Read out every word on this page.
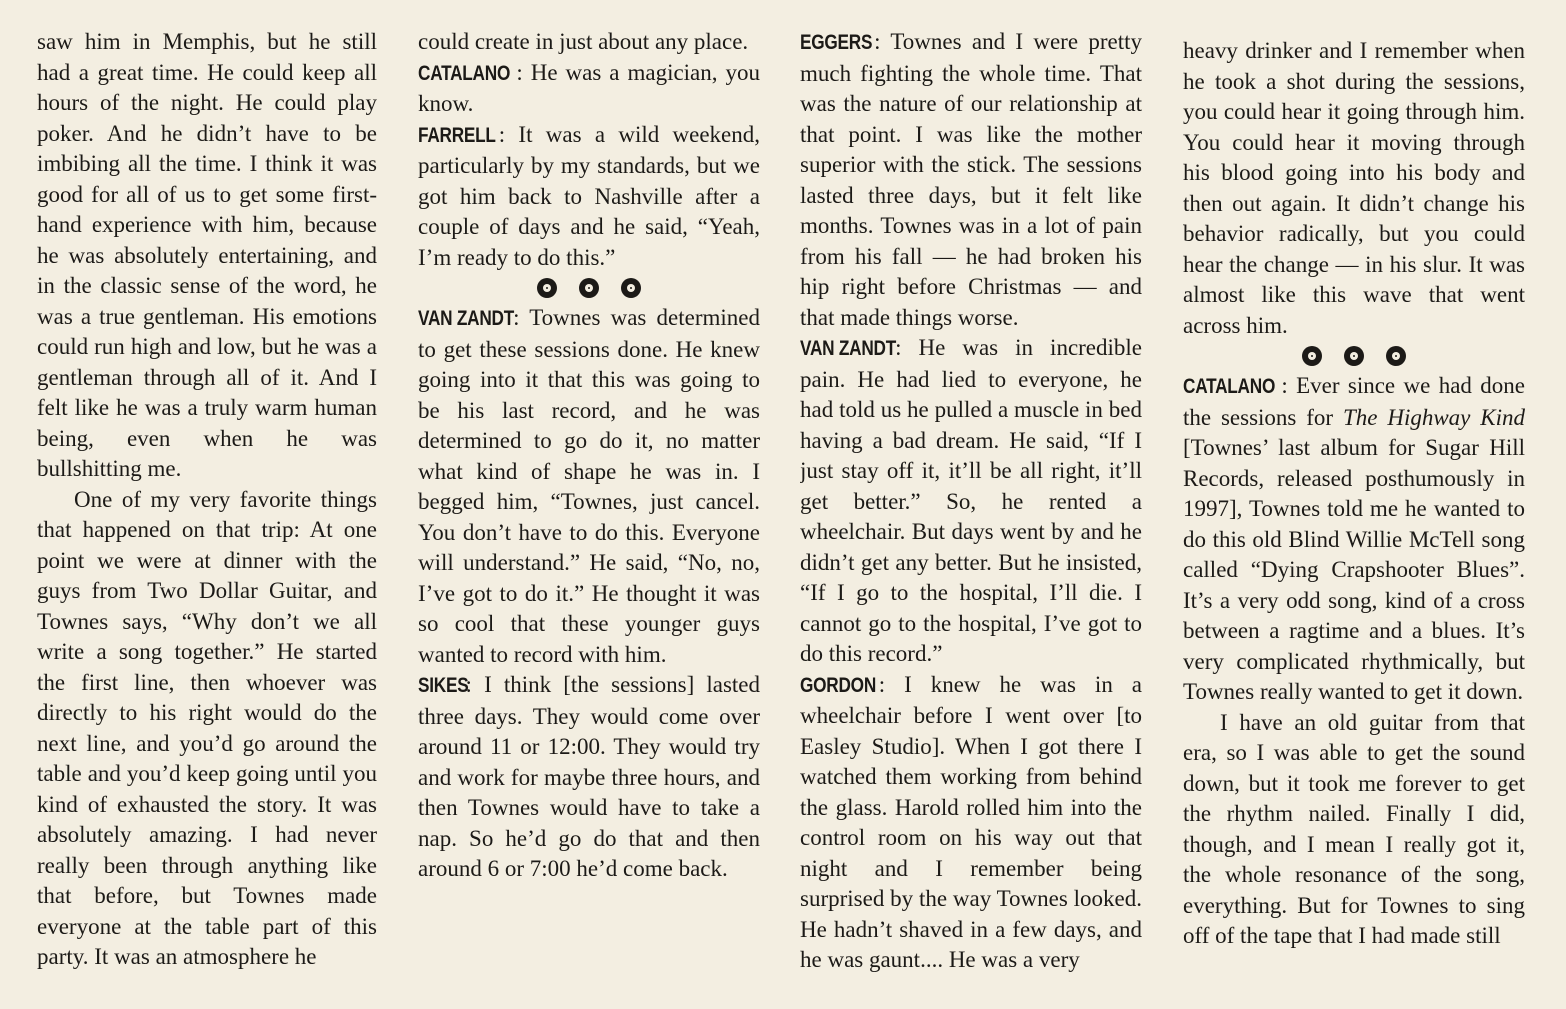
saw him in Memphis, but he still had a great time. He could keep all hours of the night. He could play poker. And he didn’t have to be imbibing all the time. I think it was good for all of us to get some first-hand experience with him, because he was absolutely entertaining, and in the classic sense of the word, he was a true gentleman. His emotions could run high and low, but he was a gentleman through all of it. And I felt like he was a truly warm human being, even when he was bullshitting me.

One of my very favorite things that happened on that trip: At one point we were at dinner with the guys from Two Dollar Guitar, and Townes says, “Why don’t we all write a song together.” He started the first line, then whoever was directly to his right would do the next line, and you’d go around the table and you’d keep going until you kind of exhausted the story. It was absolutely amazing. I had never really been through anything like that before, but Townes made everyone at the table part of this party. It was an atmosphere he

could create in just about any place.

CATALANO : He was a magician, you know.

FARRELL : It was a wild weekend, particularly by my standards, but we got him back to Nashville after a couple of days and he said, “Yeah, I’m ready to do this.”

VAN ZANDT: Townes was determined to get these sessions done. He knew going into it that this was going to be his last record, and he was determined to go do it, no matter what kind of shape he was in. I begged him, “Townes, just cancel. You don’t have to do this. Everyone will understand.” He said, “No, no, I’ve got to do it.” He thought it was so cool that these younger guys wanted to record with him.

SIKES: I think [the sessions] lasted three days. They would come over around 11 or 12:00. They would try and work for maybe three hours, and then Townes would have to take a nap. So he’d go do that and then around 6 or 7:00 he’d come back.

EGGERS: Townes and I were pretty much fighting the whole time. That was the nature of our relationship at that point. I was like the mother superior with the stick. The sessions lasted three days, but it felt like months. Townes was in a lot of pain from his fall — he had broken his hip right before Christmas — and that made things worse.

VAN ZANDT: He was in incredible pain. He had lied to everyone, he had told us he pulled a muscle in bed having a bad dream. He said, “If I just stay off it, it’ll be all right, it’ll get better.” So, he rented a wheelchair. But days went by and he didn’t get any better. But he insisted, “If I go to the hospital, I’ll die. I cannot go to the hospital, I’ve got to do this record.”

GORDON : I knew he was in a wheelchair before I went over [to Easley Studio]. When I got there I watched them working from behind the glass. Harold rolled him into the control room on his way out that night and I remember being surprised by the way Townes looked. He hadn’t shaved in a few days, and he was gaunt.... He was a very

heavy drinker and I remember when he took a shot during the sessions, you could hear it going through him. You could hear it moving through his blood going into his body and then out again. It didn’t change his behavior radically, but you could hear the change — in his slur. It was almost like this wave that went across him.

CATALANO : Ever since we had done the sessions for The Highway Kind [Townes’ last album for Sugar Hill Records, released posthumously in 1997], Townes told me he wanted to do this old Blind Willie McTell song called “Dying Crapshooter Blues”. It’s a very odd song, kind of a cross between a ragtime and a blues. It’s very complicated rhythmically, but Townes really wanted to get it down.

I have an old guitar from that era, so I was able to get the sound down, but it took me forever to get the rhythm nailed. Finally I did, though, and I mean I really got it, the whole resonance of the song, everything. But for Townes to sing off of the tape that I had made still
